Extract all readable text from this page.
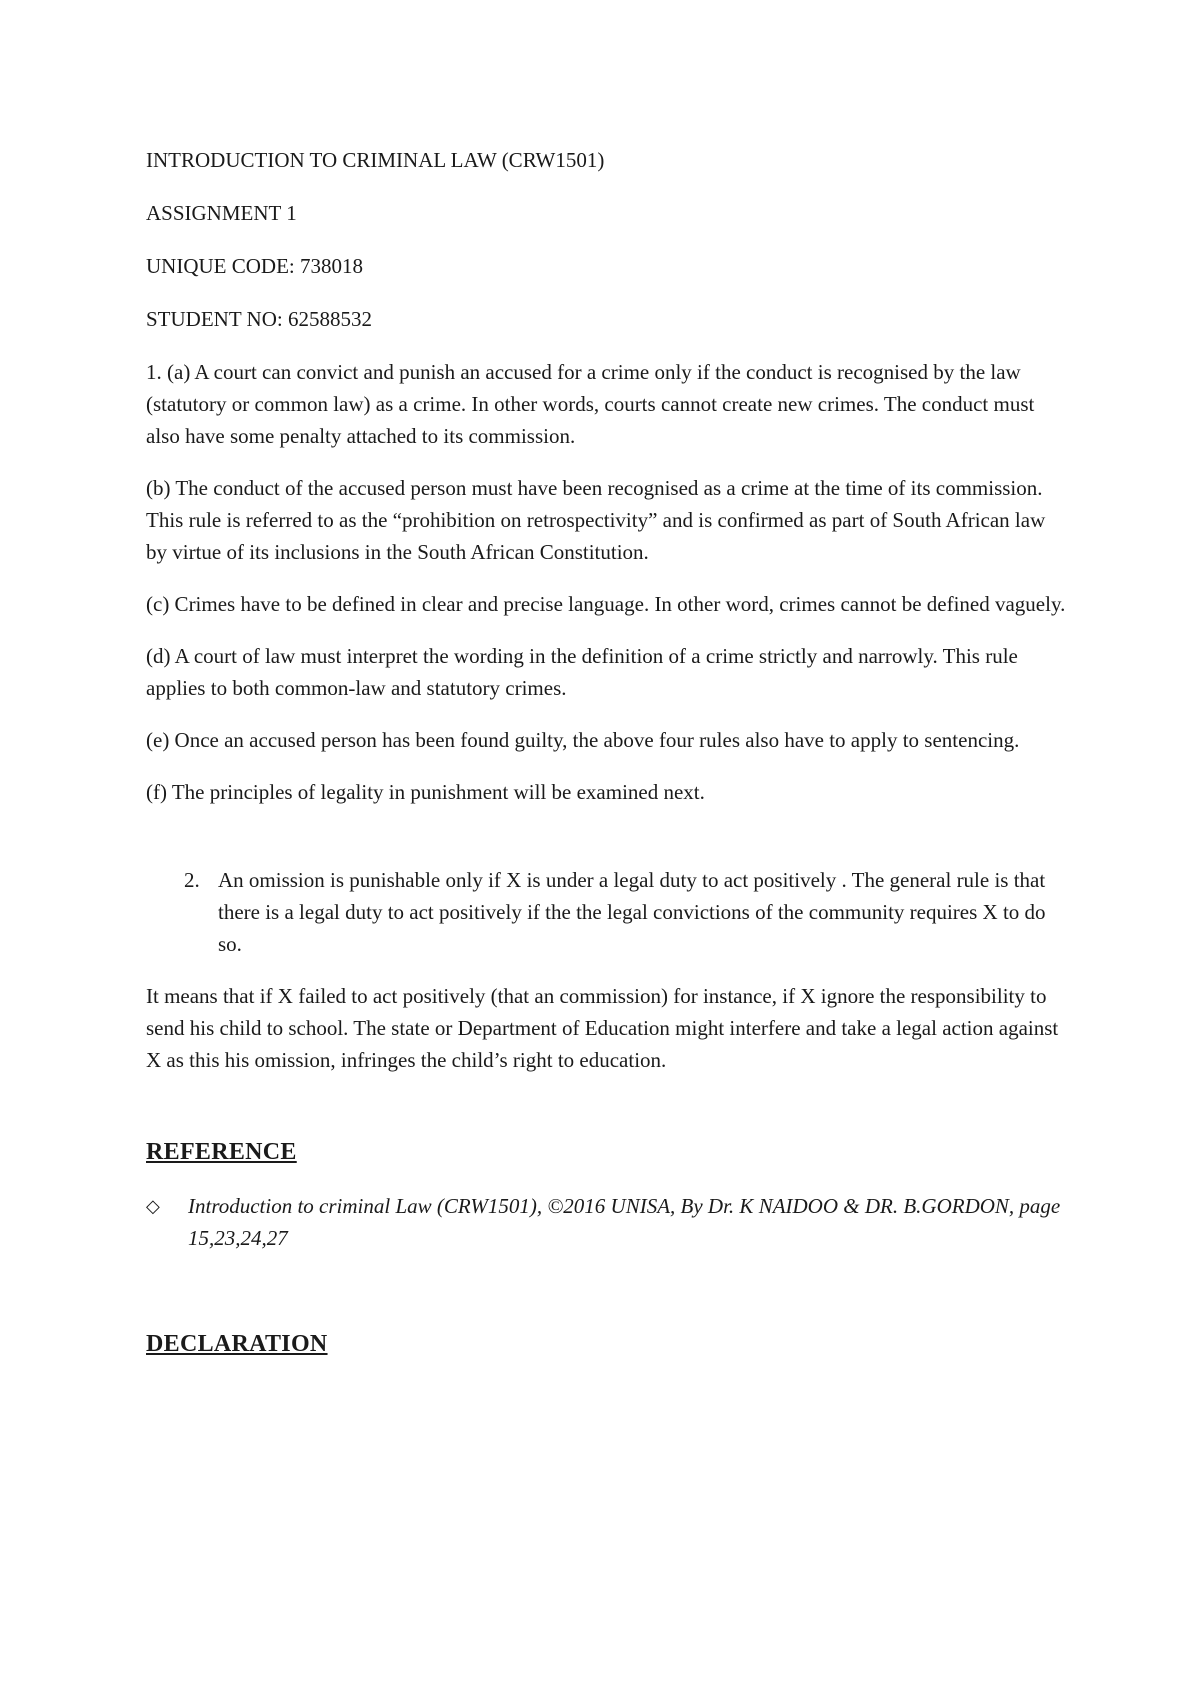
INTRODUCTION TO CRIMINAL LAW (CRW1501)
ASSIGNMENT 1
UNIQUE CODE: 738018
STUDENT NO: 62588532

1. (a) A court can convict and punish an accused for a crime only if the conduct is recognised by the law (statutory or common law) as a crime. In other words, courts cannot create new crimes. The conduct must also have some penalty attached to its commission.

(b) The conduct of the accused person must have been recognised as a crime at the time of its commission. This rule is referred to as the “prohibition on retrospectivity” and is confirmed as part of South African law by virtue of its inclusions in the South African Constitution.

(c) Crimes have to be defined in clear and precise language. In other word, crimes cannot be defined vaguely.

(d) A court of law must interpret the wording in the definition of a crime strictly and narrowly. This rule applies to both common-law and statutory crimes.

(e) Once an accused person has been found guilty, the above four rules also have to apply to sentencing.

(f) The principles of legality in punishment will be examined next.

2. An omission is punishable only if X is under a legal duty to act positively . The general rule is that there is a legal duty to act positively if the the legal convictions of the community requires X to do so.

It means that if X failed to act positively (that an commission) for instance, if X ignore the responsibility to send his child to school. The state or Department of Education might interfere and take a legal action against X as this his omission, infringes the child’s right to education.

REFERENCE
◇	Introduction to criminal Law (CRW1501), ©2016 UNISA, By Dr. K NAIDOO & DR. B.GORDON, page 15,23,24,27
DECLARATION
